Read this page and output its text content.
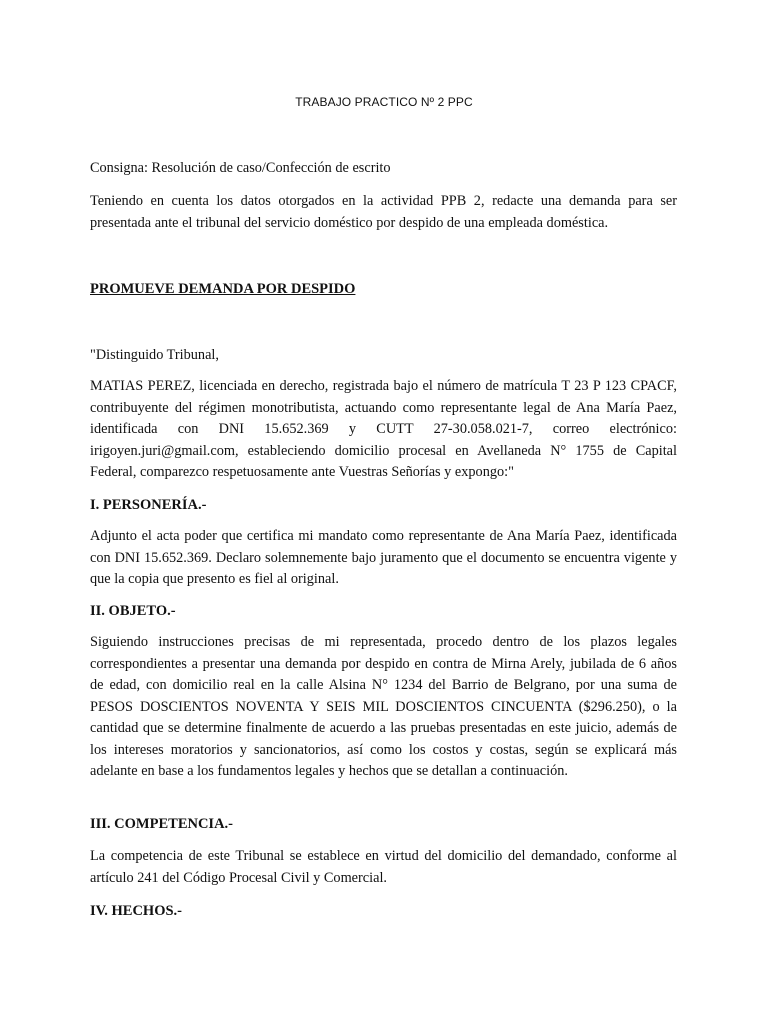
TRABAJO PRACTICO Nº 2 PPC

Consigna: Resolución de caso/Confección de escrito

Teniendo en cuenta los datos otorgados en la actividad PPB 2, redacte una demanda para ser presentada ante el tribunal del servicio doméstico por despido de una empleada doméstica.

PROMUEVE DEMANDA POR DESPIDO

"Distinguido Tribunal,

MATIAS PEREZ, licenciada en derecho, registrada bajo el número de matrícula T 23 P 123 CPACF, contribuyente del régimen monotributista, actuando como representante legal de Ana María Paez, identificada con DNI 15.652.369 y CUTT 27-30.058.021-7, correo electrónico: irigoyen.juri@gmail.com, estableciendo domicilio procesal en Avellaneda N° 1755 de Capital Federal, comparezco respetuosamente ante Vuestras Señorías y expongo:"

I. PERSONERÍA.-

Adjunto el acta poder que certifica mi mandato como representante de Ana María Paez, identificada con DNI 15.652.369. Declaro solemnemente bajo juramento que el documento se encuentra vigente y que la copia que presento es fiel al original.

II. OBJETO.-

Siguiendo instrucciones precisas de mi representada, procedo dentro de los plazos legales correspondientes a presentar una demanda por despido en contra de Mirna Arely, jubilada de 6 años de edad, con domicilio real en la calle Alsina N° 1234 del Barrio de Belgrano, por una suma de PESOS DOSCIENTOS NOVENTA Y SEIS MIL DOSCIENTOS CINCUENTA ($296.250), o la cantidad que se determine finalmente de acuerdo a las pruebas presentadas en este juicio, además de los intereses moratorios y sancionatorios, así como los costos y costas, según se explicará más adelante en base a los fundamentos legales y hechos que se detallan a continuación.

III. COMPETENCIA.-

La competencia de este Tribunal se establece en virtud del domicilio del demandado, conforme al artículo 241 del Código Procesal Civil y Comercial.

IV. HECHOS.-
